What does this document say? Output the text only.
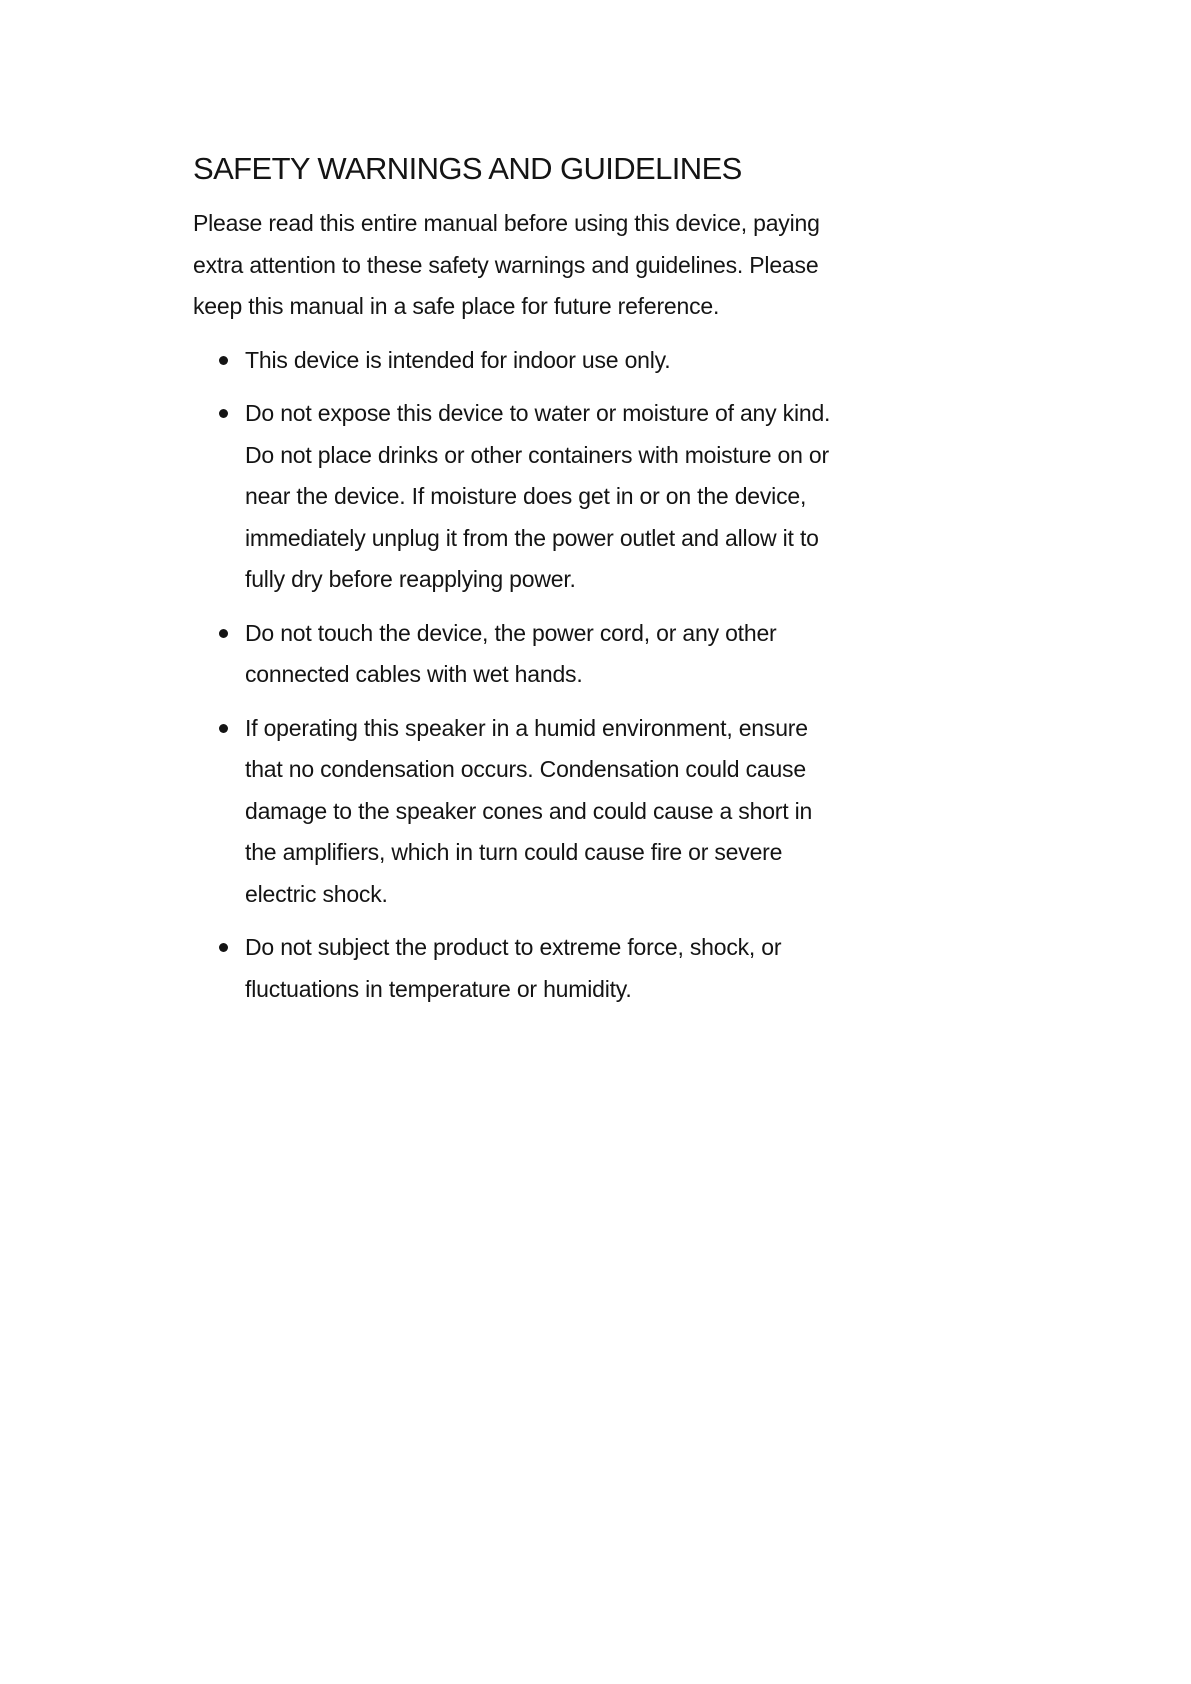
SAFETY WARNINGS AND GUIDELINES

Please read this entire manual before using this device, paying extra attention to these safety warnings and guidelines. Please keep this manual in a safe place for future reference.

This device is intended for indoor use only.
Do not expose this device to water or moisture of any kind. Do not place drinks or other containers with moisture on or near the device. If moisture does get in or on the device, immediately unplug it from the power outlet and allow it to fully dry before reapplying power.
Do not touch the device, the power cord, or any other connected cables with wet hands.
If operating this speaker in a humid environment, ensure that no condensation occurs. Condensation could cause damage to the speaker cones and could cause a short in the amplifiers, which in turn could cause fire or severe electric shock.
Do not subject the product to extreme force, shock, or fluctuations in temperature or humidity.
